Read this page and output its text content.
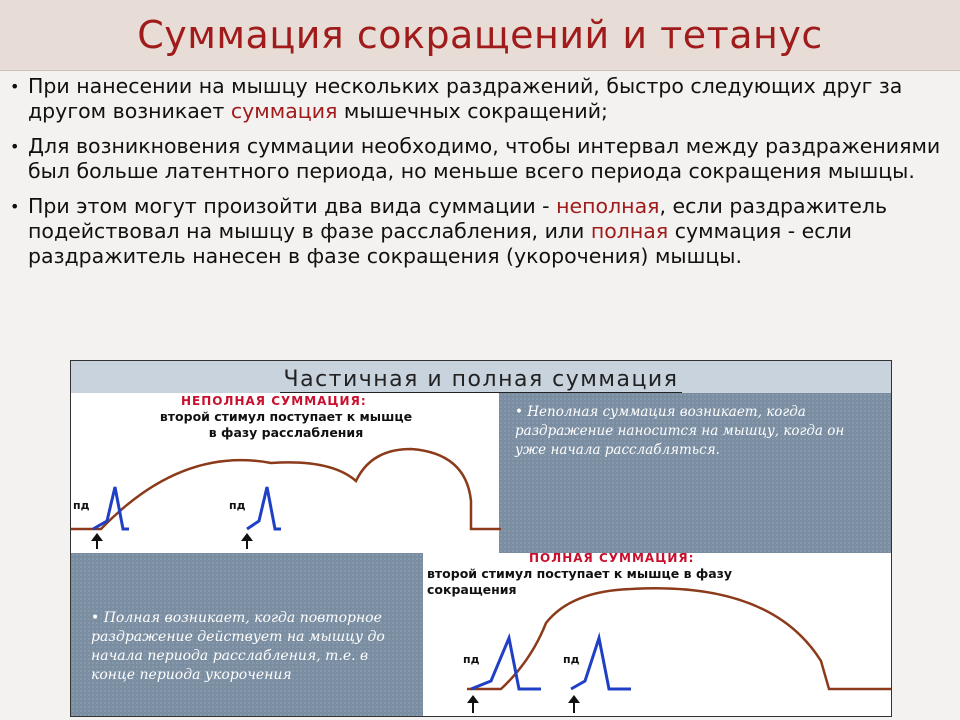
Суммация сокращений и тетанус
• При нанесении на мышцу нескольких раздражений, быстро следующих друг за другом возникает суммация мышечных сокращений;
• Для возникновения суммации необходимо, чтобы интервал между раздражениями был больше латентного периода, но меньше всего периода сокращения мышцы.
• При этом могут произойти два вида суммации - неполная, если раздражитель подействовал на мышцу в фазе расслабления, или полная суммация - если раздражитель нанесен в фазе сокращения (укорочения) мышцы.
Частичная и полная суммация
НЕПОЛНАЯ СУММАЦИЯ:
второй стимул поступает к мышце
в фазу расслабления
• Неполная суммация возникает, когда раздражение наносится на мышцу, когда он уже начала расслабляться.
ПОЛНАЯ СУММАЦИЯ:
второй стимул поступает к мышце в фазу
сокращения
• Полная возникает, когда повторное раздражение действует на мышцу до начала периода расслабления, т.е. в конце периода укорочения
пд	пд
пд	пд
